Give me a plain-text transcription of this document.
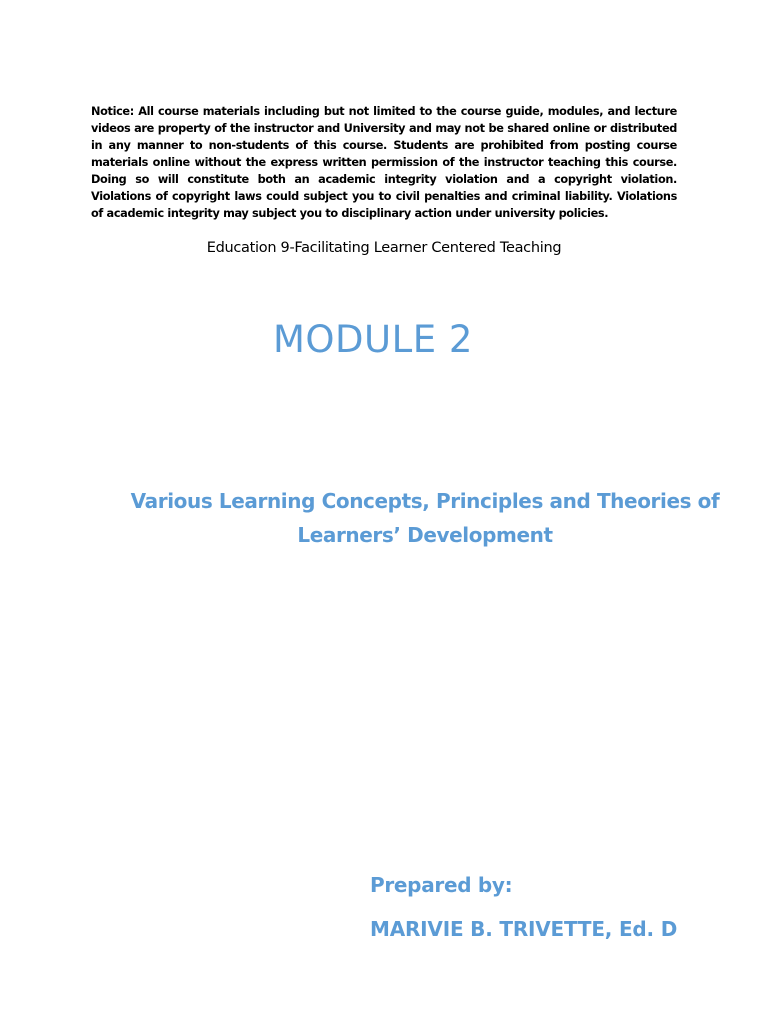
Notice: All course materials including but not limited to the course guide, modules, and lecture videos are property of the instructor and University and may not be shared online or distributed in any manner to non-students of this course. Students are prohibited from posting course materials online without the express written permission of the instructor teaching this course. Doing so will constitute both an academic integrity violation and a copyright violation. Violations of copyright laws could subject you to civil penalties and criminal liability. Violations of academic integrity may subject you to disciplinary action under university policies.

Education 9-Facilitating Learner Centered Teaching
MODULE 2
Various Learning Concepts, Principles and Theories of Learners’ Development
Prepared by:
MARIVIE B. TRIVETTE, Ed. D
